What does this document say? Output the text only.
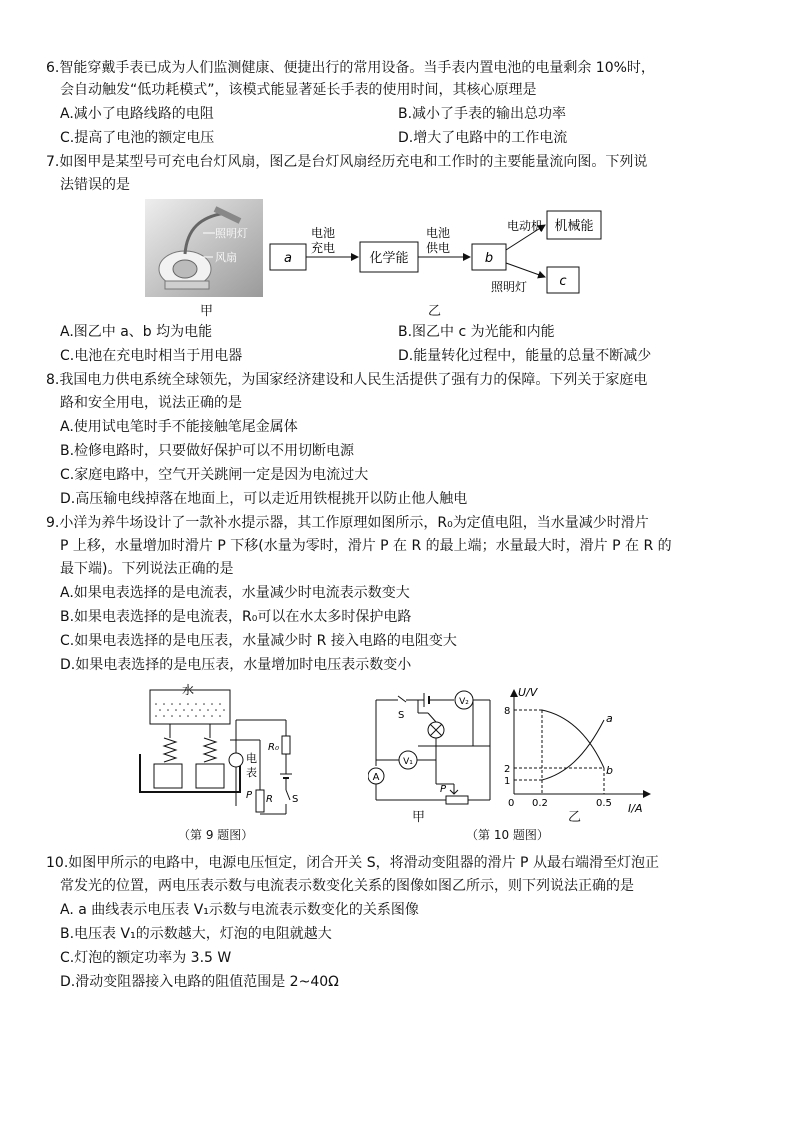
6.智能穿戴手表已成为人们监测健康、便捷出行的常用设备。当手表内置电池的电量剩余 10%时，
会自动触发“低功耗模式”，该模式能显著延长手表的使用时间，其核心原理是
A.减小了电路线路的电阻	B.减小了手表的输出总功率
C.提高了电池的额定电压	D.增大了电路中的工作电流
7.如图甲是某型号可充电台灯风扇，图乙是台灯风扇经历充电和工作时的主要能量流向图。下列说
法错误的是
照明灯
风扇
甲
a
电池
充电
化学能
电池
供电
b
电动机 机械能
照明灯 c
乙
A.图乙中 a、b 均为电能	B.图乙中 c 为光能和内能
C.电池在充电时相当于用电器	D.能量转化过程中，能量的总量不断减少
8.我国电力供电系统全球领先，为国家经济建设和人民生活提供了强有力的保障。下列关于家庭电
路和安全用电，说法正确的是
A.使用试电笔时手不能接触笔尾金属体
B.检修电路时，只要做好保护可以不用切断电源
C.家庭电路中，空气开关跳闸一定是因为电流过大
D.高压输电线掉落在地面上，可以走近用铁棍挑开以防止他人触电
9.小洋为养牛场设计了一款补水提示器，其工作原理如图所示，R₀为定值电阻，当水量减少时滑片
P 上移，水量增加时滑片 P 下移(水量为零时，滑片 P 在 R 的最上端；水量最大时，滑片 P 在 R 的
最下端)。下列说法正确的是
A.如果电表选择的是电流表，水量减少时电流表示数变大
B.如果电表选择的是电流表，R₀可以在水太多时保护电路
C.如果电表选择的是电压表，水量减少时 R 接入电路的电阻变大
D.如果电表选择的是电压表，水量增加时电压表示数变小
水
电
表
R₀
S
R
P
（第 9 题图）
V₂
S
V₁
A
P
甲
U/V
I/A
0
8
2
1
0.2	0.5
a
b
乙
（第 10 题图）
10.如图甲所示的电路中，电源电压恒定，闭合开关 S，将滑动变阻器的滑片 P 从最右端滑至灯泡正
常发光的位置，两电压表示数与电流表示数变化关系的图像如图乙所示，则下列说法正确的是
A. a 曲线表示电压表 V₁示数与电流表示数变化的关系图像
B.电压表 V₁的示数越大，灯泡的电阻就越大
C.灯泡的额定功率为 3.5 W
D.滑动变阻器接入电路的阻值范围是 2~40Ω
